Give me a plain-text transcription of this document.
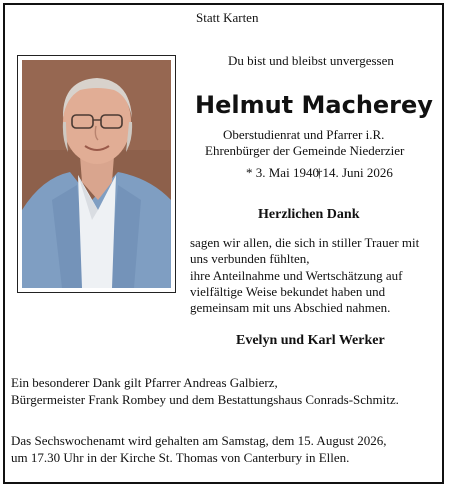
Statt Karten
Du bist und bleibst unvergessen
Helmut Macherey
Oberstudienrat und Pfarrer i.R.
Ehrenbürger der Gemeinde Niederzier
* 3. Mai 1940
†14. Juni 2026
Herzlichen Dank
sagen wir allen, die sich in stiller Trauer mit
uns verbunden fühlten,
ihre Anteilnahme und Wertschätzung auf
vielfältige Weise bekundet haben und
gemeinsam mit uns Abschied nahmen.
Evelyn und Karl Werker
Ein besonderer Dank gilt Pfarrer Andreas Galbierz,
Bürgermeister Frank Rombey und dem Bestattungshaus Conrads-Schmitz.
Das Sechswochenamt wird gehalten am Samstag, dem 15. August 2026,
um 17.30 Uhr in der Kirche St. Thomas von Canterbury in Ellen.
